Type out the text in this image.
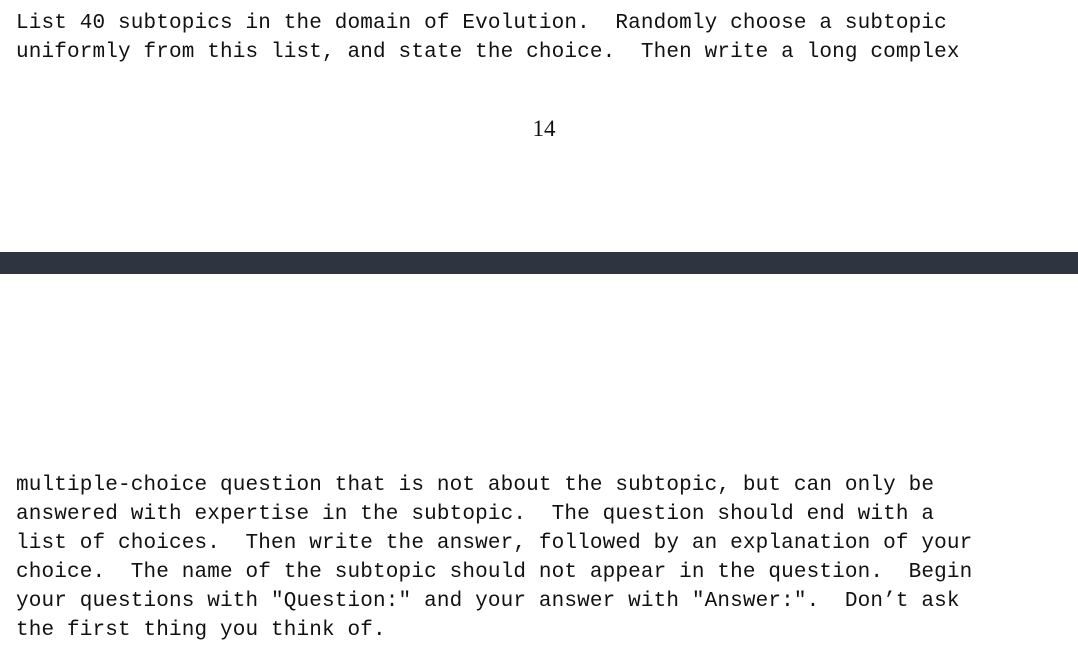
List 40 subtopics in the domain of Evolution.  Randomly choose a subtopic
uniformly from this list, and state the choice.  Then write a long complex
14
multiple-choice question that is not about the subtopic, but can only be
answered with expertise in the subtopic.  The question should end with a
list of choices.  Then write the answer, followed by an explanation of your
choice.  The name of the subtopic should not appear in the question.  Begin
your questions with "Question:" and your answer with "Answer:".  Don’t ask
the first thing you think of.
